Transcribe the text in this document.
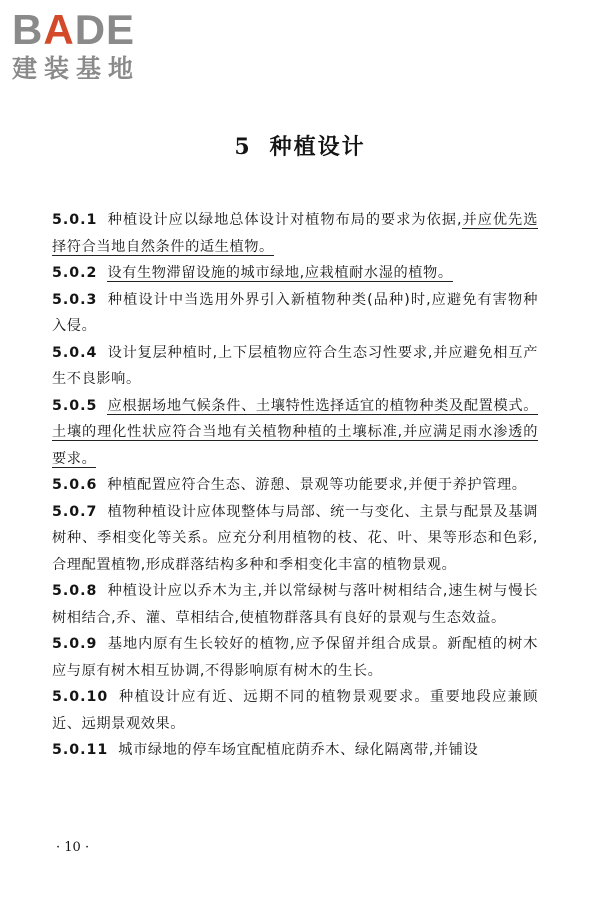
BADE
建装基地
5 种植设计
5.0.1 种植设计应以绿地总体设计对植物布局的要求为依据,并应优先选择符合当地自然条件的适生植物。
5.0.2 设有生物滞留设施的城市绿地,应栽植耐水湿的植物。
5.0.3 种植设计中当选用外界引入新植物种类(品种)时,应避免有害物种入侵。
5.0.4 设计复层种植时,上下层植物应符合生态习性要求,并应避免相互产生不良影响。
5.0.5 应根据场地气候条件、土壤特性选择适宜的植物种类及配置模式。土壤的理化性状应符合当地有关植物种植的土壤标准,并应满足雨水渗透的要求。
5.0.6 种植配置应符合生态、游憩、景观等功能要求,并便于养护管理。
5.0.7 植物种植设计应体现整体与局部、统一与变化、主景与配景及基调树种、季相变化等关系。应充分利用植物的枝、花、叶、果等形态和色彩,合理配置植物,形成群落结构多种和季相变化丰富的植物景观。
5.0.8 种植设计应以乔木为主,并以常绿树与落叶树相结合,速生树与慢长树相结合,乔、灌、草相结合,使植物群落具有良好的景观与生态效益。
5.0.9 基地内原有生长较好的植物,应予保留并组合成景。新配植的树木应与原有树木相互协调,不得影响原有树木的生长。
5.0.10 种植设计应有近、远期不同的植物景观要求。重要地段应兼顾近、远期景观效果。
5.0.11 城市绿地的停车场宜配植庇荫乔木、绿化隔离带,并铺设
· 10 ·
